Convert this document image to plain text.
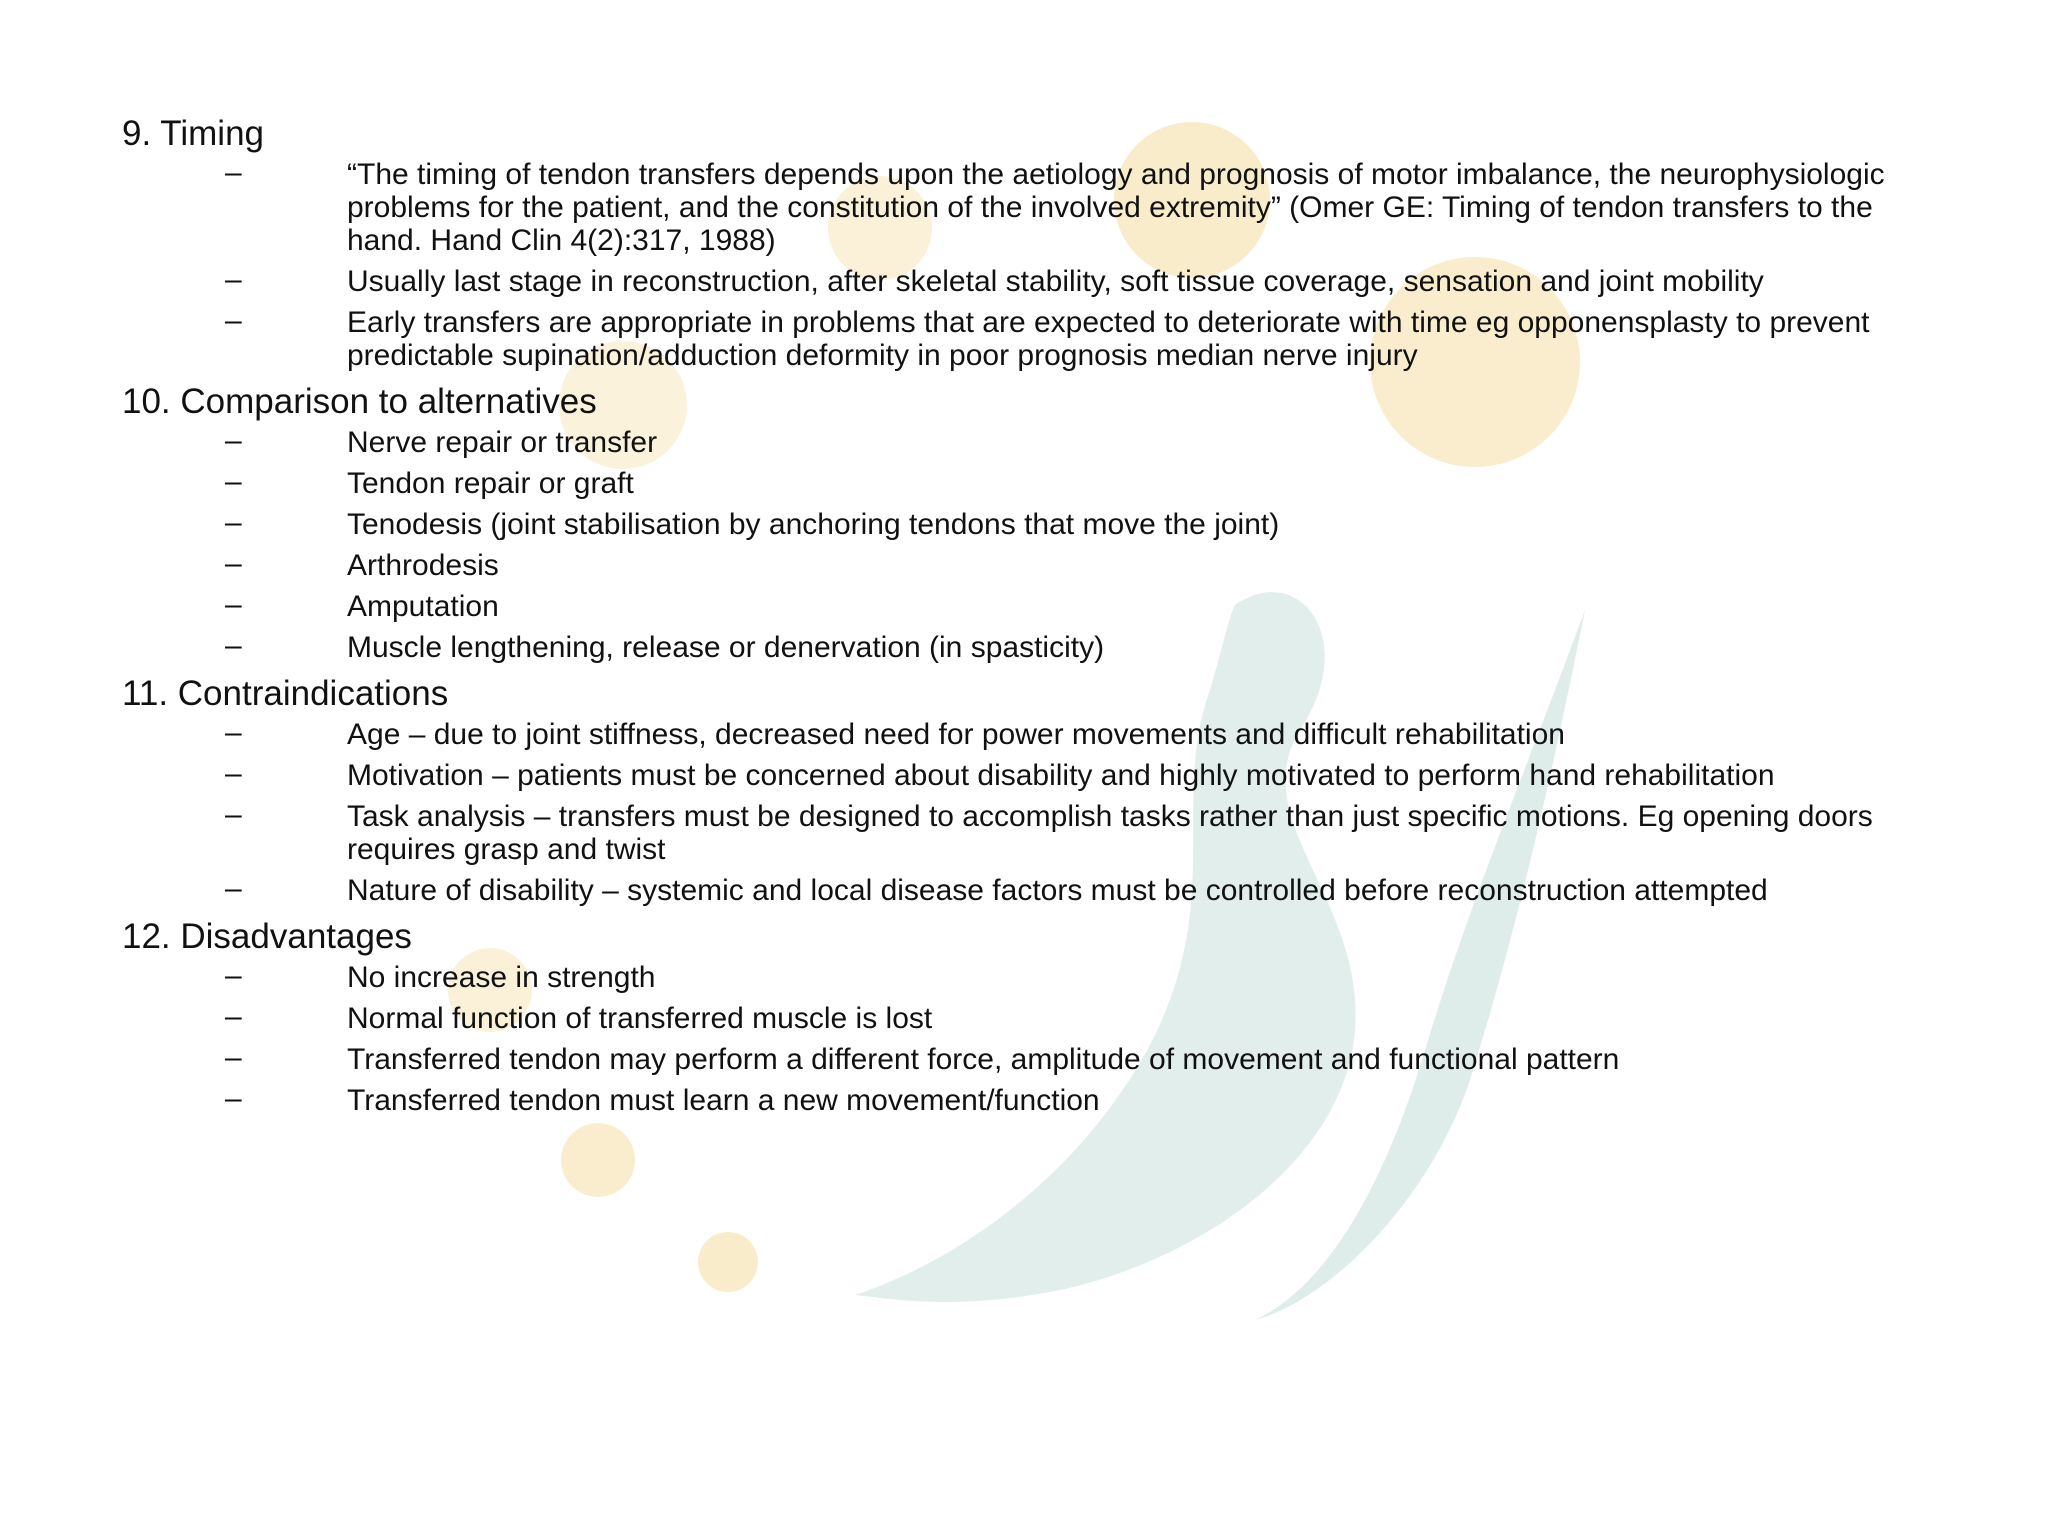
9. Timing
–	“The timing of tendon transfers depends upon the aetiology and prognosis of motor imbalance, the neurophysiologic problems for the patient, and the constitution of the involved extremity” (Omer GE: Timing of tendon transfers to the hand. Hand Clin 4(2):317, 1988)
–	Usually last stage in reconstruction, after skeletal stability, soft tissue coverage, sensation and joint mobility
–	Early transfers are appropriate in problems that are expected to deteriorate with time eg opponensplasty to prevent predictable supination/adduction deformity in poor prognosis median nerve injury
10. Comparison to alternatives
–	Nerve repair or transfer
–	Tendon repair or graft
–	Tenodesis (joint stabilisation by anchoring tendons that move the joint)
–	Arthrodesis
–	Amputation
–	Muscle lengthening, release or denervation (in spasticity)
11. Contraindications
–	Age – due to joint stiffness, decreased need for power movements and difficult rehabilitation
–	Motivation – patients must be concerned about disability and highly motivated to perform hand rehabilitation
–	Task analysis – transfers must be designed to accomplish tasks rather than just specific motions. Eg opening doors requires grasp and twist
–	Nature of disability – systemic and local disease factors must be controlled before reconstruction attempted
12. Disadvantages
–	No increase in strength
–	Normal function of transferred muscle is lost
–	Transferred tendon may perform a different force, amplitude of movement and functional pattern
–	Transferred tendon must learn a new movement/function
